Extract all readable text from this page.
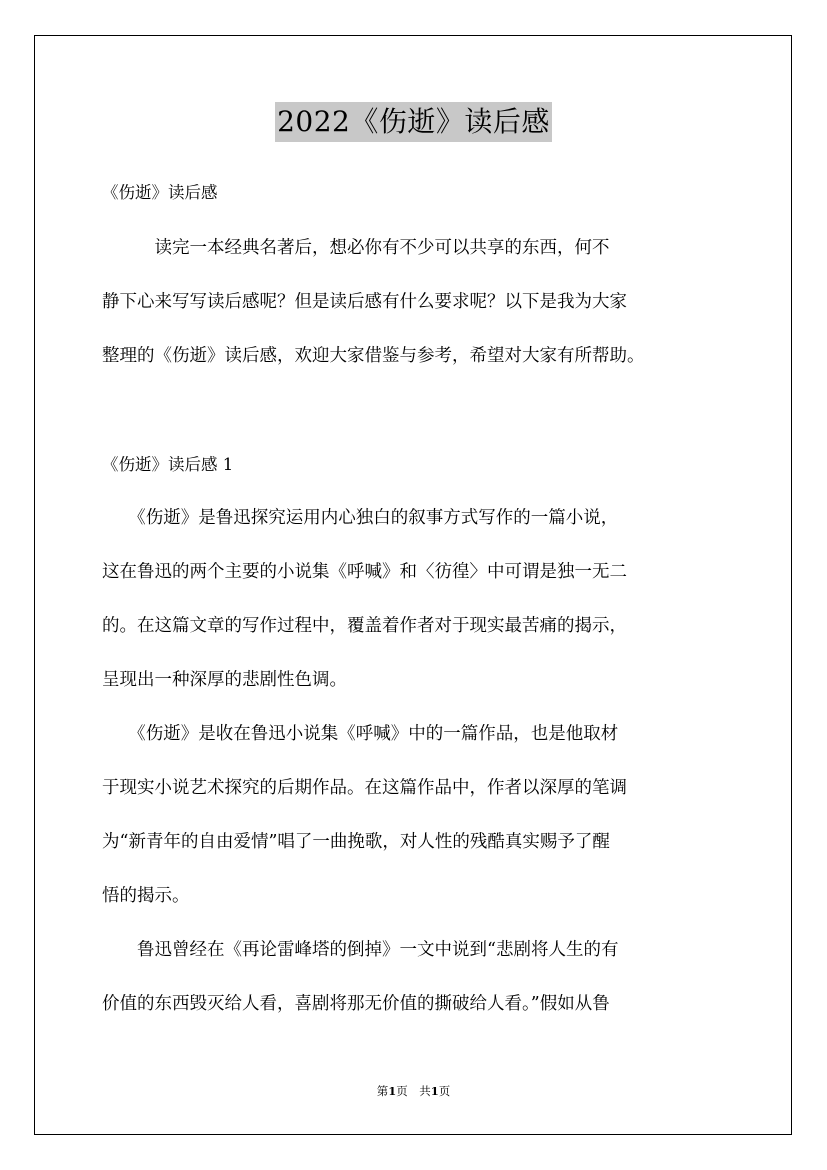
2022《伤逝》读后感
《伤逝》读后感
　　　读完一本经典名著后，想必你有不少可以共享的东西，何不
静下心来写写读后感呢？但是读后感有什么要求呢？以下是我为大家
整理的《伤逝》读后感，欢迎大家借鉴与参考，希望对大家有所帮助。
《伤逝》读后感 1
　　《伤逝》是鲁迅探究运用内心独白的叙事方式写作的一篇小说，
这在鲁迅的两个主要的小说集《呼喊》和〈彷徨〉中可谓是独一无二
的。在这篇文章的写作过程中，覆盖着作者对于现实最苦痛的揭示，
呈现出一种深厚的悲剧性色调。
　　《伤逝》是收在鲁迅小说集《呼喊》中的一篇作品，也是他取材
于现实小说艺术探究的后期作品。在这篇作品中，作者以深厚的笔调
为“新青年的自由爱情”唱了一曲挽歌，对人性的残酷真实赐予了醒
悟的揭示。
　　鲁迅曾经在《再论雷峰塔的倒掉》一文中说到“悲剧将人生的有
价值的东西毁灭给人看，喜剧将那无价值的撕破给人看。”假如从鲁
第1页　共1页
